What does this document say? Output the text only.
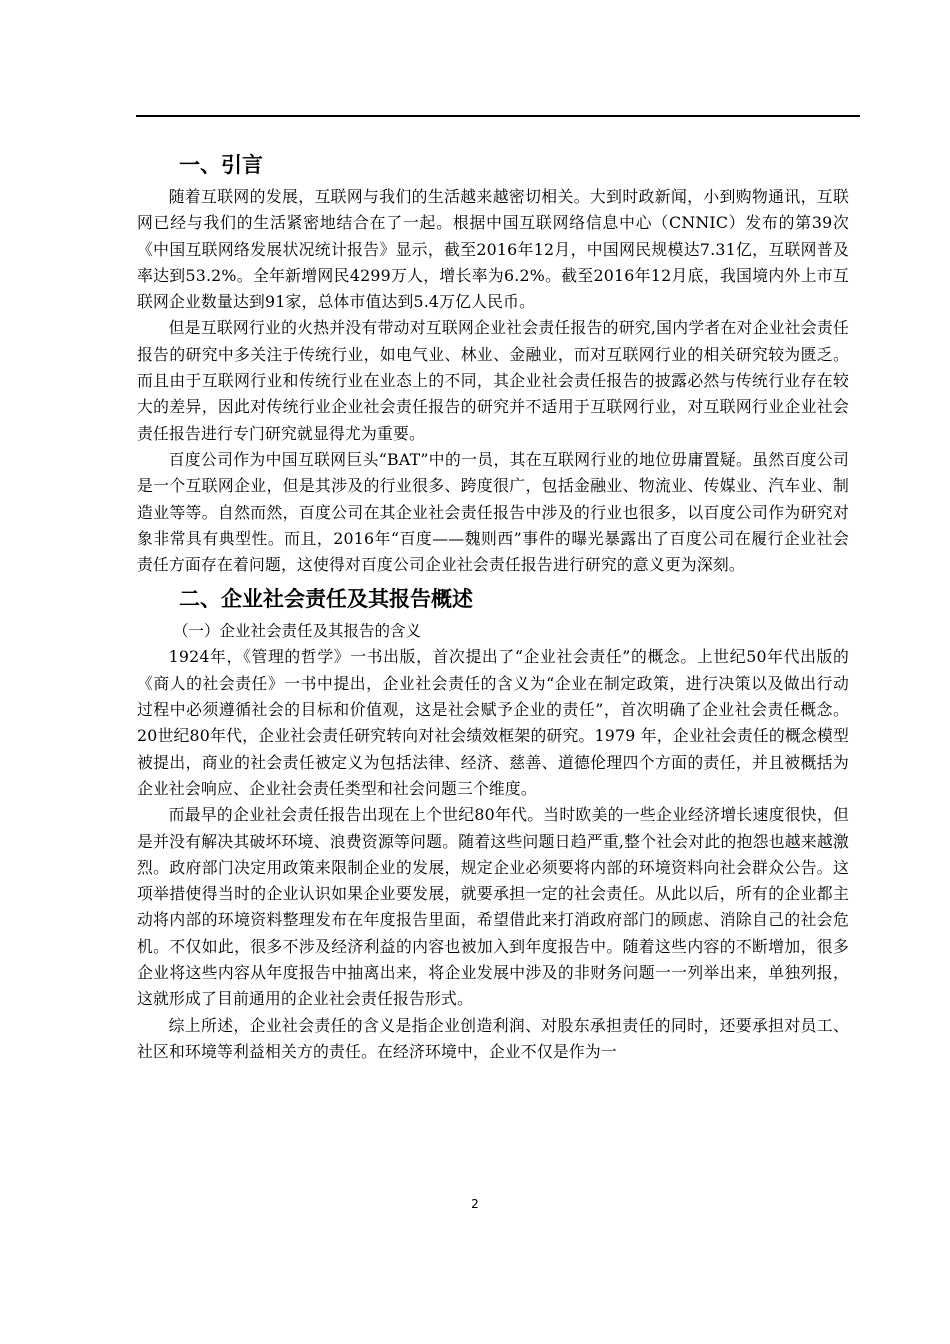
一、引言

随着互联网的发展，互联网与我们的生活越来越密切相关。大到时政新闻，小到购物通讯，互联网已经与我们的生活紧密地结合在了一起。根据中国互联网络信息中心（CNNIC）发布的第39次《中国互联网络发展状况统计报告》显示，截至2016年12月，中国网民规模达7.31亿，互联网普及率达到53.2%。全年新增网民4299万人，增长率为6.2%。截至2016年12月底，我国境内外上市互联网企业数量达到91家，总体市值达到5.4万亿人民币。

但是互联网行业的火热并没有带动对互联网企业社会责任报告的研究,国内学者在对企业社会责任报告的研究中多关注于传统行业，如电气业、林业、金融业，而对互联网行业的相关研究较为匮乏。而且由于互联网行业和传统行业在业态上的不同，其企业社会责任报告的披露必然与传统行业存在较大的差异，因此对传统行业企业社会责任报告的研究并不适用于互联网行业，对互联网行业企业社会责任报告进行专门研究就显得尤为重要。

百度公司作为中国互联网巨头“BAT”中的一员，其在互联网行业的地位毋庸置疑。虽然百度公司是一个互联网企业，但是其涉及的行业很多、跨度很广，包括金融业、物流业、传媒业、汽车业、制造业等等。自然而然，百度公司在其企业社会责任报告中涉及的行业也很多，以百度公司作为研究对象非常具有典型性。而且，2016年“百度——魏则西”事件的曝光暴露出了百度公司在履行企业社会责任方面存在着问题，这使得对百度公司企业社会责任报告进行研究的意义更为深刻。

二、企业社会责任及其报告概述
（一）企业社会责任及其报告的含义

1924年，《管理的哲学》一书出版，首次提出了“企业社会责任”的概念。上世纪50年代出版的《商人的社会责任》一书中提出，企业社会责任的含义为“企业在制定政策，进行决策以及做出行动过程中必须遵循社会的目标和价值观，这是社会赋予企业的责任”，首次明确了企业社会责任概念。20世纪80年代，企业社会责任研究转向对社会绩效框架的研究。1979 年，企业社会责任的概念模型被提出，商业的社会责任被定义为包括法律、经济、慈善、道德伦理四个方面的责任，并且被概括为企业社会响应、企业社会责任类型和社会问题三个维度。

而最早的企业社会责任报告出现在上个世纪80年代。当时欧美的一些企业经济增长速度很快，但是并没有解决其破坏环境、浪费资源等问题。随着这些问题日趋严重,整个社会对此的抱怨也越来越激烈。政府部门决定用政策来限制企业的发展，规定企业必须要将内部的环境资料向社会群众公告。这项举措使得当时的企业认识如果企业要发展，就要承担一定的社会责任。从此以后，所有的企业都主动将内部的环境资料整理发布在年度报告里面，希望借此来打消政府部门的顾虑、消除自己的社会危机。不仅如此，很多不涉及经济利益的内容也被加入到年度报告中。随着这些内容的不断增加，很多企业将这些内容从年度报告中抽离出来，将企业发展中涉及的非财务问题一一列举出来，单独列报，这就形成了目前通用的企业社会责任报告形式。

综上所述，企业社会责任的含义是指企业创造利润、对股东承担责任的同时，还要承担对员工、社区和环境等利益相关方的责任。在经济环境中，企业不仅是作为一

2
